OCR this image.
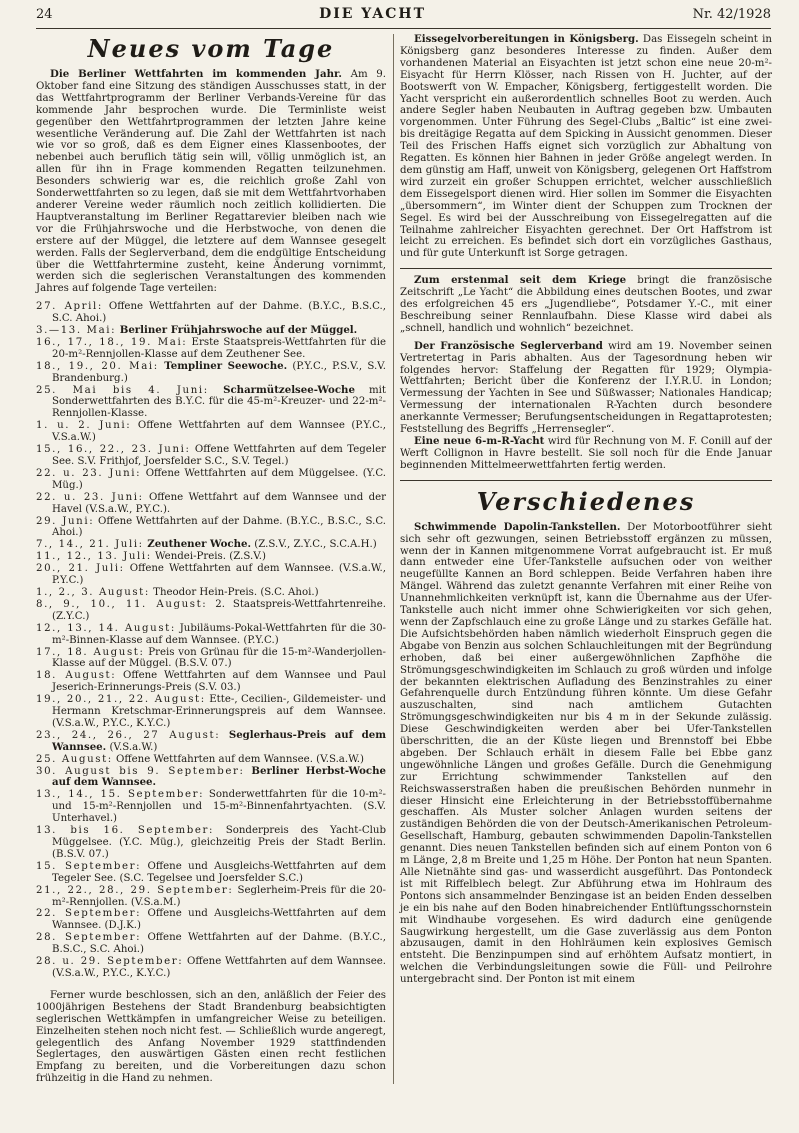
24	DIE YACHT	Nr. 42/1928
Neues vom Tage

Die Berliner Wettfahrten im kommenden Jahr. Am 9. Oktober fand eine Sitzung des ständigen Ausschusses statt, in der das Wettfahrtprogramm der Berliner Verbands-Vereine für das kommende Jahr besprochen wurde. Die Terminliste weist gegenüber den Wettfahrtprogrammen der letzten Jahre keine wesentliche Veränderung auf. Die Zahl der Wettfahrten ist nach wie vor so groß, daß es dem Eigner eines Klassenbootes, der nebenbei auch beruflich tätig sein will, völlig unmöglich ist, an allen für ihn in Frage kommenden Regatten teilzunehmen. Besonders schwierig war es, die reichlich große Zahl von Sonderwettfahrten so zu legen, daß sie mit dem Wettfahrtvorhaben anderer Vereine weder räumlich noch zeitlich kollidierten. Die Hauptveranstaltung im Berliner Regattarevier bleiben nach wie vor die Frühjahrswoche und die Herbstwoche, von denen die erstere auf der Müggel, die letztere auf dem Wannsee gesegelt werden. Falls der Seglerverband, dem die endgültige Entscheidung über die Wettfahrtermine zusteht, keine Änderung vornimmt, werden sich die seglerischen Veranstaltungen des kommenden Jahres auf folgende Tage verteilen:

27. April: Offene Wettfahrten auf der Dahme. (B.Y.C., B.S.C., S.C. Ahoi.)

3.—13. Mai: Berliner Frühjahrswoche auf der Müggel.

16., 17., 18., 19. Mai: Erste Staatspreis-Wettfahrten für die 20-m²-Rennjollen-Klasse auf dem Zeuthener See.

18., 19., 20. Mai: Templiner Seewoche. (P.Y.C., P.S.V., S.V. Brandenburg.)

25. Mai bis 4. Juni: Scharmützelsee-Woche mit Sonderwettfahrten des B.Y.C. für die 45-m²-Kreuzer- und 22-m²-Rennjollen-Klasse.

1. u. 2. Juni: Offene Wettfahrten auf dem Wannsee (P.Y.C., V.S.a.W.)

15., 16., 22., 23. Juni: Offene Wettfahrten auf dem Tegeler See. S.V. Frithjof, Joersfelder S.C., S.V. Tegel.)

22. u. 23. Juni: Offene Wettfahrten auf dem Müggelsee. (Y.C. Müg.)

22. u. 23. Juni: Offene Wettfahrt auf dem Wannsee und der Havel (V.S.a.W., P.Y.C.).

29. Juni: Offene Wettfahrten auf der Dahme. (B.Y.C., B.S.C., S.C. Ahoi.)

7., 14., 21. Juli: Zeuthener Woche. (Z.S.V., Z.Y.C., S.C.A.H.)

11., 12., 13. Juli: Wendei-Preis. (Z.S.V.)

20., 21. Juli: Offene Wettfahrten auf dem Wannsee. (V.S.a.W., P.Y.C.)

1., 2., 3. August: Theodor Hein-Preis. (S.C. Ahoi.)

8., 9., 10., 11. August: 2. Staatspreis-Wettfahrtenreihe. (Z.Y.C.)

12., 13., 14. August: Jubiläums-Pokal-Wettfahrten für die 30-m²-Binnen-Klasse auf dem Wannsee. (P.Y.C.)

17., 18. August: Preis von Grünau für die 15-m²-Wanderjollen-Klasse auf der Müggel. (B.S.V. 07.)

18. August: Offene Wettfahrten auf dem Wannsee und Paul Jeserich-Erinnerungs-Preis (S.V. 03.)

19., 20., 21., 22. August: Ette-, Cecilien-, Gildemeister- und Hermann Kretschmar-Erinnerungspreis auf dem Wannsee. (V.S.a.W., P.Y.C., K.Y.C.)

23., 24., 26., 27 August: Seglerhaus-Preis auf dem Wannsee. (V.S.a.W.)

25. August: Offene Wettfahrten auf dem Wannsee. (V.S.a.W.)

30. August bis 9. September: Berliner Herbst-Woche auf dem Wannsee.

13., 14., 15. September: Sonderwettfahrten für die 10-m²- und 15-m²-Rennjollen und 15-m²-Binnenfahrtyachten. (S.V. Unterhavel.)

13. bis 16. September: Sonderpreis des Yacht-Club Müggelsee. (Y.C. Müg.), gleichzeitig Preis der Stadt Berlin. (B.S.V. 07.)

15. September: Offene und Ausgleichs-Wettfahrten auf dem Tegeler See. (S.C. Tegelsee und Joersfelder S.C.)

21., 22., 28., 29. September: Seglerheim-Preis für die 20-m²-Rennjollen. (V.S.a.M.)

22. September: Offene und Ausgleichs-Wettfahrten auf dem Wannsee. (D.J.K.)

28. September: Offene Wettfahrten auf der Dahme. (B.Y.C., B.S.C., S.C. Ahoi.)

28. u. 29. September: Offene Wettfahrten auf dem Wannsee. (V.S.a.W., P.Y.C., K.Y.C.)

Ferner wurde beschlossen, sich an den, anläßlich der Feier des 1000jährigen Bestehens der Stadt Brandenburg beabsichtigten seglerischen Wettkämpfen in umfangreicher Weise zu beteiligen. Einzelheiten stehen noch nicht fest. — Schließlich wurde angeregt, gelegentlich des Anfang November 1929 stattfindenden Seglertages, den auswärtigen Gästen einen recht festlichen Empfang zu bereiten, und die Vorbereitungen dazu schon frühzeitig in die Hand zu nehmen.

Eissegelvorbereitungen in Königsberg. Das Eissegeln scheint in Königsberg ganz besonderes Interesse zu finden. Außer dem vorhandenen Material an Eisyachten ist jetzt schon eine neue 20-m²-Eisyacht für Herrn Klösser, nach Rissen von H. Juchter, auf der Bootswerft von W. Empacher, Königsberg, fertiggestellt worden. Die Yacht verspricht ein außerordentlich schnelles Boot zu werden. Auch andere Segler haben Neubauten in Auftrag gegeben bzw. Umbauten vorgenommen. Unter Führung des Segel-Clubs „Baltic“ ist eine zwei- bis dreitägige Regatta auf dem Spicking in Aussicht genommen. Dieser Teil des Frischen Haffs eignet sich vorzüglich zur Abhaltung von Regatten. Es können hier Bahnen in jeder Größe angelegt werden. In dem günstig am Haff, unweit von Königsberg, gelegenen Ort Haffstrom wird zurzeit ein großer Schuppen errichtet, welcher ausschließlich dem Eissegelsport dienen wird. Hier sollen im Sommer die Eisyachten „übersommern“, im Winter dient der Schuppen zum Trocknen der Segel. Es wird bei der Ausschreibung von Eissegelregatten auf die Teilnahme zahlreicher Eisyachten gerechnet. Der Ort Haffstrom ist leicht zu erreichen. Es befindet sich dort ein vorzügliches Gasthaus, und für gute Unterkunft ist Sorge getragen.

Zum erstenmal seit dem Kriege bringt die französische Zeitschrift „Le Yacht“ die Abbildung eines deutschen Bootes, und zwar des erfolgreichen 45 ers „Jugendliebe“, Potsdamer Y.-C., mit einer Beschreibung seiner Rennlaufbahn. Diese Klasse wird dabei als „schnell, handlich und wohnlich“ bezeichnet.

Der Französische Seglerverband wird am 19. November seinen Vertretertag in Paris abhalten. Aus der Tagesordnung heben wir folgendes hervor: Staffelung der Regatten für 1929; Olympia-Wettfahrten; Bericht über die Konferenz der I.Y.R.U. in London; Vermessung der Yachten in See und Süßwasser; Nationales Handicap; Vermessung der internationalen R-Yachten durch besondere anerkannte Vermesser; Berufungsentscheidungen in Regattaprotesten; Feststellung des Begriffs „Herrensegler“.

Eine neue 6-m-R-Yacht wird für Rechnung von M. F. Conill auf der Werft Collignon in Havre bestellt. Sie soll noch für die Ende Januar beginnenden Mittelmeerwettfahrten fertig werden.

Verschiedenes

Schwimmende Dapolin-Tankstellen. Der Motorbootführer sieht sich sehr oft gezwungen, seinen Betriebsstoff ergänzen zu müssen, wenn der in Kannen mitgenommene Vorrat aufgebraucht ist. Er muß dann entweder eine Ufer-Tankstelle aufsuchen oder von weither neugefüllte Kannen an Bord schleppen. Beide Verfahren haben ihre Mängel. Während das zuletzt genannte Verfahren mit einer Reihe von Unannehmlichkeiten verknüpft ist, kann die Übernahme aus der Ufer-Tankstelle auch nicht immer ohne Schwierigkeiten vor sich gehen, wenn der Zapfschlauch eine zu große Länge und zu starkes Gefälle hat. Die Aufsichtsbehörden haben nämlich wiederholt Einspruch gegen die Abgabe von Benzin aus solchen Schlauchleitungen mit der Begründung erhoben, daß bei einer außergewöhnlichen Zapfhöhe die Strömungsgeschwindigkeiten im Schlauch zu groß würden und infolge der bekannten elektrischen Aufladung des Benzinstrahles zu einer Gefahrenquelle durch Entzündung führen könnte. Um diese Gefahr auszuschalten, sind nach amtlichem Gutachten Strömungsgeschwindigkeiten nur bis 4 m in der Sekunde zulässig. Diese Geschwindigkeiten werden aber bei Ufer-Tankstellen überschritten, die an der Küste liegen und Brennstoff bei Ebbe abgeben. Der Schlauch erhält in diesem Falle bei Ebbe ganz ungewöhnliche Längen und großes Gefälle. Durch die Genehmigung zur Errichtung schwimmender Tankstellen auf den Reichswasserstraßen haben die preußischen Behörden nunmehr in dieser Hinsicht eine Erleichterung in der Betriebsstoffübernahme geschaffen. Als Muster solcher Anlagen wurden seitens der zuständigen Behörden die von der Deutsch-Amerikanischen Petroleum-Gesellschaft, Hamburg, gebauten schwimmenden Dapolin-Tankstellen genannt. Dies neuen Tankstellen befinden sich auf einem Ponton von 6 m Länge, 2,8 m Breite und 1,25 m Höhe. Der Ponton hat neun Spanten. Alle Nietnähte sind gas- und wasserdicht ausgeführt. Das Pontondeck ist mit Riffelblech belegt. Zur Abführung etwa im Hohlraum des Pontons sich ansammelnder Benzingase ist an beiden Enden desselben je ein bis nahe auf den Boden hinabreichender Entlüftungsschornstein mit Windhaube vorgesehen. Es wird dadurch eine genügende Saugwirkung hergestellt, um die Gase zuverlässig aus dem Ponton abzusaugen, damit in den Hohlräumen kein explosives Gemisch entsteht. Die Benzinpumpen sind auf erhöhtem Aufsatz montiert, in welchen die Verbindungsleitungen sowie die Füll- und Peilrohre untergebracht sind. Der Ponton ist mit einem
